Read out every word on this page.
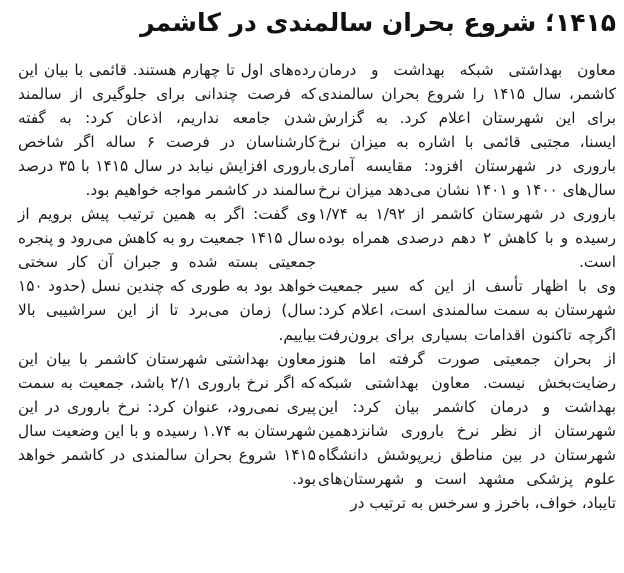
۱۴۱۵؛ شروع بحران سالمندی در کاشمر

معاون بهداشتی شبکه بهداشت و درمان کاشمر، سال ۱۴۱۵ را شروع بحران سالمندی برای این شهرستان اعلام کرد. به گزارش ایسنا، مجتبی قائمی با اشاره به میزان نرخ باروری در شهرستان افزود: مقایسه آماری سال‌های ۱۴۰۰ و ۱۴۰۱ نشان می‌دهد میزان نرخ باروری در شهرستان کاشمر از ۱/۹۲ به ۱/۷۴ رسیده و با کاهش ۲ دهم درصدی همراه بوده است.

وی با اظهار تأسف از این که سیر جمعیت شهرستان به سمت سالمندی است، اعلام کرد: اگرچه تاکنون اقدامات بسیاری برای برون‌رفت از بحران جمعیتی صورت گرفته اما هنوز رضایت‌بخش نیست. معاون بهداشتی شبکه بهداشت و درمان کاشمر بیان کرد: این شهرستان از نظر نرخ باروری شانزدهمین شهرستان در بین مناطق زیرپوشش دانشگاه علوم پزشکی مشهد است و شهرستان‌های تایباد، خواف، باخرز و سرخس به ترتیب در

رده‌های اول تا چهارم هستند. قائمی با بیان این که فرصت چندانی برای جلوگیری از سالمند شدن جامعه نداریم، اذعان کرد: به گفته کارشناسان در فرصت ۶ ساله اگر شاخص باروری افزایش نیابد در سال ۱۴۱۵ با ۳۵ درصد سالمند در کاشمر مواجه خواهیم بود.

وی گفت: اگر به همین ترتیب پیش برویم از سال ۱۴۱۵ جمعیت رو به کاهش می‌رود و پنجره جمعیتی بسته شده و جبران آن کار سختی خواهد بود به طوری که چندین نسل (حدود ۱۵۰ سال) زمان می‌برد تا از این سراشیبی بالا بیاییم.

معاون بهداشتی شهرستان کاشمر با بیان این که اگر نرخ باروری ۲/۱ باشد، جمعیت به سمت پیری نمی‌رود، عنوان کرد: نرخ باروری در این شهرستان به ۱.۷۴ رسیده و با این وضعیت سال ۱۴۱۵ شروع بحران سالمندی در کاشمر خواهد بود.
